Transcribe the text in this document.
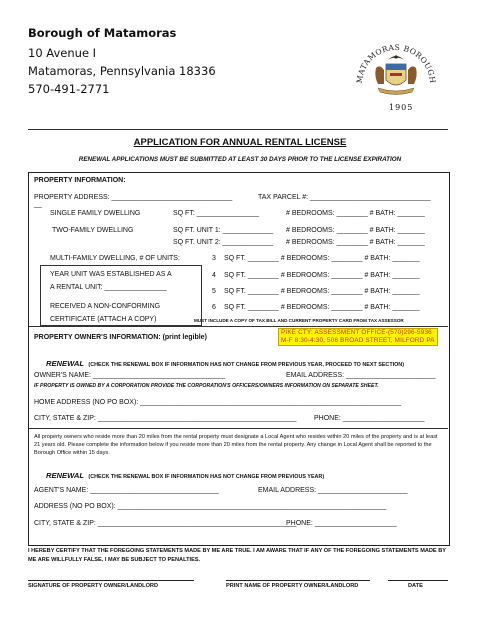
Borough of Matamoras
10 Avenue I
Matamoras, Pennsylvania 18336
570-491-2771
MATAMORAS BOROUGH
1905
APPLICATION FOR ANNUAL RENTAL LICENSE
RENEWAL APPLICATIONS MUST BE SUBMITTED AT LEAST 30 DAYS PRIOR TO THE LICENSE EXPIRATION
PROPERTY INFORMATION:
PROPERTY ADDRESS: _______________________________	TAX PARCEL #: _______________________________
__
SINGLE FAMILY DWELLING	SQ FT: ________________	# BEDROOMS: ________ # BATH: _______
TWO-FAMILY DWELLING	SQ FT. UNIT 1: _____________ # BEDROOMS: ________ # BATH: _______
SQ FT. UNIT 2: _____________ # BEDROOMS: ________ # BATH: _______
MULTI-FAMILY DWELLING, # OF UNITS:	3 SQ FT. ________ # BEDROOMS: ________ # BATH: _______
4 SQ FT. ________ # BEDROOMS: ________ # BATH: _______
5 SQ FT. ________ # BEDROOMS: ________ # BATH: _______
6 SQ FT. ________ # BEDROOMS: ________ # BATH: _______
YEAR UNIT WAS ESTABLISHED AS A
A RENTAL UNIT: ________________
RECEIVED A NON-CONFORMING
CERTIFICATE (ATTACH A COPY)	MUST INCLUDE A COPY OF TAX BILL AND CURRENT PROPERTY CARD FROM TAX ASSESSOR
PROPERTY OWNER'S INFORMATION: (print legible)
PIKE CTY: ASSESSMENT OFFICE-(570)296-5936
M-F 8:30-4:30, 506 BROAD STREET, MILFORD PA
RENEWAL (CHECK THE RENEWAL BOX IF INFORMATION HAS NOT CHANGE FROM PREVIOUS YEAR, PROCEED TO NEXT SECTION)
OWNER'S NAME: __________________________________	EMAIL ADDRESS: _______________________
IF PROPERTY IS OWNED BY A CORPORATION PROVIDE THE CORPORATION'S OFFICERS/OWNERS INFORMATION ON SEPARATE SHEET.
HOME ADDRESS (NO PO BOX): ___________________________________________________________________
CITY, STATE & ZIP: ___________________________________________________	PHONE: _____________________
All property owners who reside more than 20 miles from the rental property must designate a Local Agent who resides within 20 miles of the property and is at least 21 years old. Please complete the information below if you reside more than 20 miles from the rental property. Any change in Local Agent shall be reported to the Borough Office within 15 days.
RENEWAL (CHECK THE RENEWAL BOX IF INFORMATION HAS NOT CHANGE FROM PREVIOUS YEAR)
AGENT'S NAME: _________________________________	EMAIL ADDRESS: _______________________
ADDRESS (NO PO BOX): _____________________________________________________________________
CITY, STATE & ZIP: ___________________________________________________
PHONE: _____________________
I HEREBY CERTIFY THAT THE FOREGOING STATEMENTS MADE BY ME ARE TRUE. I AM AWARE THAT IF ANY OF THE FOREGOING STATEMENTS MADE BY ME ARE WILLFULLY FALSE, I MAY BE SUBJECT TO PENALTIES.
SIGNATURE OF PROPERTY OWNER/LANDLORD	PRINT NAME OF PROPERTY OWNER/LANDLORD	DATE
